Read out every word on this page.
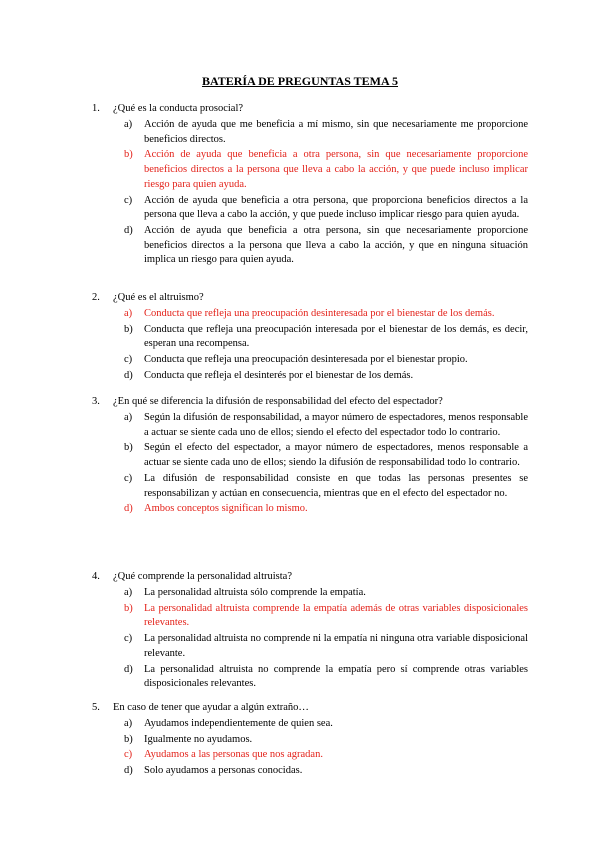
BATERÍA DE PREGUNTAS TEMA 5
1. ¿Qué es la conducta prosocial?
a) Acción de ayuda que me beneficia a mí mismo, sin que necesariamente me proporcione beneficios directos.
b) Acción de ayuda que beneficia a otra persona, sin que necesariamente proporcione beneficios directos a la persona que lleva a cabo la acción, y que puede incluso implicar riesgo para quien ayuda.
c) Acción de ayuda que beneficia a otra persona, que proporciona beneficios directos a la persona que lleva a cabo la acción, y que puede incluso implicar riesgo para quien ayuda.
d) Acción de ayuda que beneficia a otra persona, sin que necesariamente proporcione beneficios directos a la persona que lleva a cabo la acción, y que en ninguna situación implica un riesgo para quien ayuda.
2. ¿Qué es el altruismo?
a) Conducta que refleja una preocupación desinteresada por el bienestar de los demás.
b) Conducta que refleja una preocupación interesada por el bienestar de los demás, es decir, esperan una recompensa.
c) Conducta que refleja una preocupación desinteresada por el bienestar propio.
d) Conducta que refleja el desinterés por el bienestar de los demás.
3. ¿En qué se diferencia la difusión de responsabilidad del efecto del espectador?
a) Según la difusión de responsabilidad, a mayor número de espectadores, menos responsable a actuar se siente cada uno de ellos; siendo el efecto del espectador todo lo contrario.
b) Según el efecto del espectador, a mayor número de espectadores, menos responsable a actuar se siente cada uno de ellos; siendo la difusión de responsabilidad todo lo contrario.
c) La difusión de responsabilidad consiste en que todas las personas presentes se responsabilizan y actúan en consecuencia, mientras que en el efecto del espectador no.
d) Ambos conceptos significan lo mismo.
4. ¿Qué comprende la personalidad altruista?
a) La personalidad altruista sólo comprende la empatía.
b) La personalidad altruista comprende la empatía además de otras variables disposicionales relevantes.
c) La personalidad altruista no comprende ni la empatía ni ninguna otra variable disposicional relevante.
d) La personalidad altruista no comprende la empatía pero sí comprende otras variables disposicionales relevantes.
5. En caso de tener que ayudar a algún extraño…
a) Ayudamos independientemente de quien sea.
b) Igualmente no ayudamos.
c) Ayudamos a las personas que nos agradan.
d) Solo ayudamos a personas conocidas.
